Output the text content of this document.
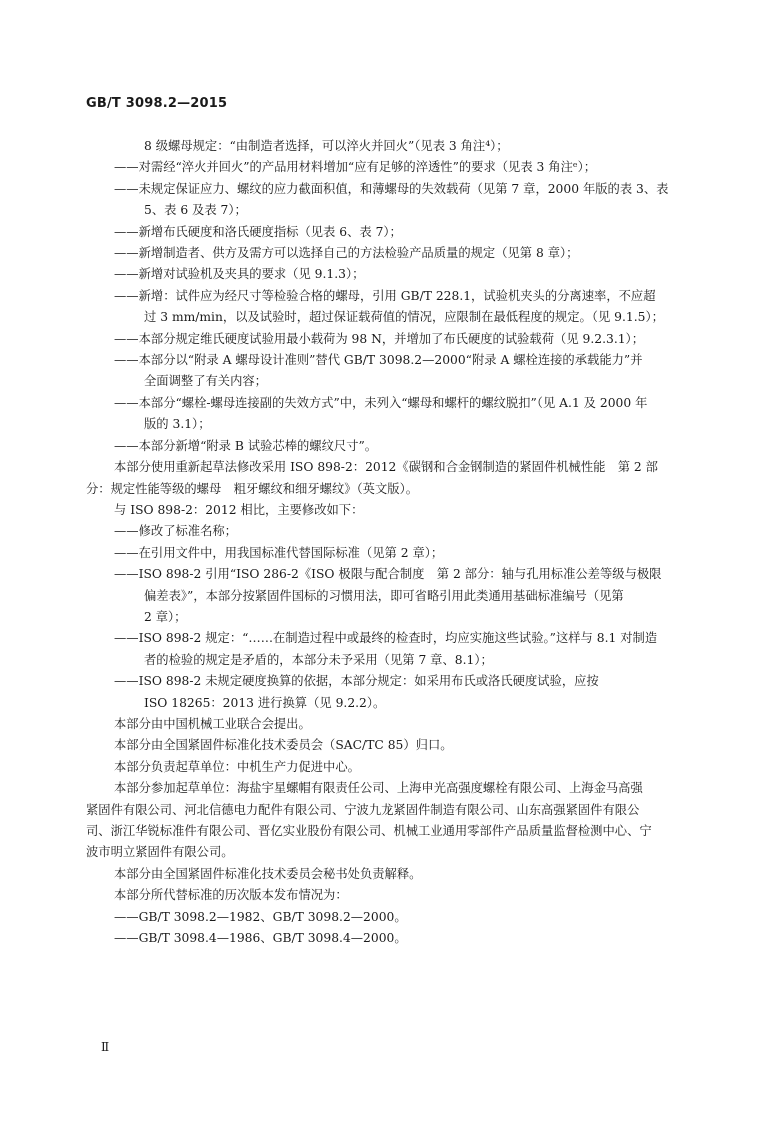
GB/T 3098.2—2015

8 级螺母规定：“由制造者选择，可以淬火并回火”（见表 3 角注⁴）；

——对需经“淬火并回火”的产品用材料增加“应有足够的淬透性”的要求（见表 3 角注ᵉ）；

——未规定保证应力、螺纹的应力截面积值，和薄螺母的失效载荷（见第 7 章，2000 年版的表 3、表

5、表 6 及表 7）；

——新增布氏硬度和洛氏硬度指标（见表 6、表 7）；

——新增制造者、供方及需方可以选择自己的方法检验产品质量的规定（见第 8 章）；

——新增对试验机及夹具的要求（见 9.1.3）；

——新增：试件应为经尺寸等检验合格的螺母，引用 GB/T 228.1，试验机夹头的分离速率，不应超

过 3 mm/min，以及试验时，超过保证载荷值的情况，应限制在最低程度的规定。（见 9.1.5）；

——本部分规定维氏硬度试验用最小载荷为 98 N，并增加了布氏硬度的试验载荷（见 9.2.3.1）；

——本部分以“附录 A 螺母设计准则”替代 GB/T 3098.2—2000“附录 A 螺栓连接的承载能力”并

全面调整了有关内容；

——本部分“螺栓-螺母连接副的失效方式”中，未列入“螺母和螺杆的螺纹脱扣”（见 A.1 及 2000 年

版的 3.1）；

——本部分新增“附录 B 试验芯棒的螺纹尺寸”。

本部分使用重新起草法修改采用 ISO 898-2：2012《碳钢和合金钢制造的紧固件机械性能　第 2 部

分：规定性能等级的螺母　粗牙螺纹和细牙螺纹》（英文版）。

与 ISO 898-2：2012 相比，主要修改如下：

——修改了标准名称；

——在引用文件中，用我国标准代替国际标准（见第 2 章）；

——ISO 898-2 引用“ISO 286-2《ISO 极限与配合制度　第 2 部分：轴与孔用标准公差等级与极限

偏差表》”，本部分按紧固件国标的习惯用法，即可省略引用此类通用基础标准编号（见第

2 章）；

——ISO 898-2 规定：“……在制造过程中或最终的检查时，均应实施这些试验。”这样与 8.1 对制造

者的检验的规定是矛盾的，本部分未予采用（见第 7 章、8.1）；

——ISO 898-2 未规定硬度换算的依据，本部分规定：如采用布氏或洛氏硬度试验，应按

ISO 18265：2013 进行换算（见 9.2.2）。

本部分由中国机械工业联合会提出。

本部分由全国紧固件标准化技术委员会（SAC/TC 85）归口。

本部分负责起草单位：中机生产力促进中心。

本部分参加起草单位：海盐宇星螺帽有限责任公司、上海申光高强度螺栓有限公司、上海金马高强

紧固件有限公司、河北信德电力配件有限公司、宁波九龙紧固件制造有限公司、山东高强紧固件有限公

司、浙江华锐标准件有限公司、晋亿实业股份有限公司、机械工业通用零部件产品质量监督检测中心、宁

波市明立紧固件有限公司。

本部分由全国紧固件标准化技术委员会秘书处负责解释。

本部分所代替标准的历次版本发布情况为：

——GB/T 3098.2—1982、GB/T 3098.2—2000。

——GB/T 3098.4—1986、GB/T 3098.4—2000。

Ⅱ
